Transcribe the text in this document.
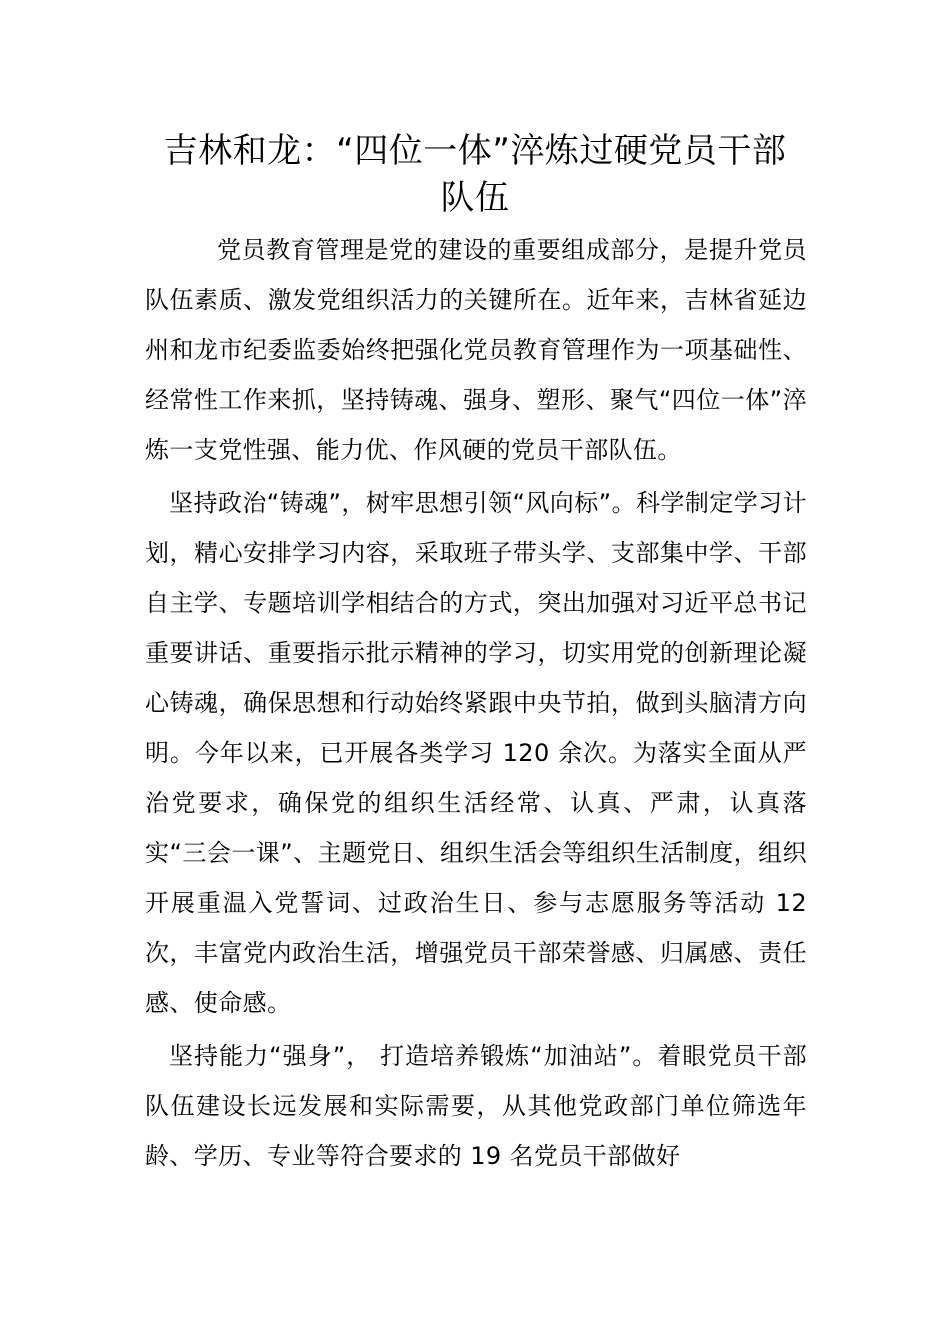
吉林和龙：“四位一体”淬炼过硬党员干部队伍

党员教育管理是党的建设的重要组成部分，是提升党员队伍素质、激发党组织活力的关键所在。近年来，吉林省延边州和龙市纪委监委始终把强化党员教育管理作为一项基础性、经常性工作来抓，坚持铸魂、强身、塑形、聚气“四位一体”淬炼一支党性强、能力优、作风硬的党员干部队伍。

坚持政治“铸魂”，树牢思想引领“风向标”。科学制定学习计划，精心安排学习内容，采取班子带头学、支部集中学、干部自主学、专题培训学相结合的方式，突出加强对习近平总书记重要讲话、重要指示批示精神的学习，切实用党的创新理论凝心铸魂，确保思想和行动始终紧跟中央节拍，做到头脑清方向明。今年以来，已开展各类学习 120 余次。为落实全面从严治党要求，确保党的组织生活经常、认真、严肃，认真落实“三会一课”、主题党日、组织生活会等组织生活制度，组织开展重温入党誓词、过政治生日、参与志愿服务等活动 12 次，丰富党内政治生活，增强党员干部荣誉感、归属感、责任感、使命感。

坚持能力“强身”， 打造培养锻炼“加油站”。着眼党员干部队伍建设长远发展和实际需要，从其他党政部门单位筛选年龄、学历、专业等符合要求的 19 名党员干部做好
